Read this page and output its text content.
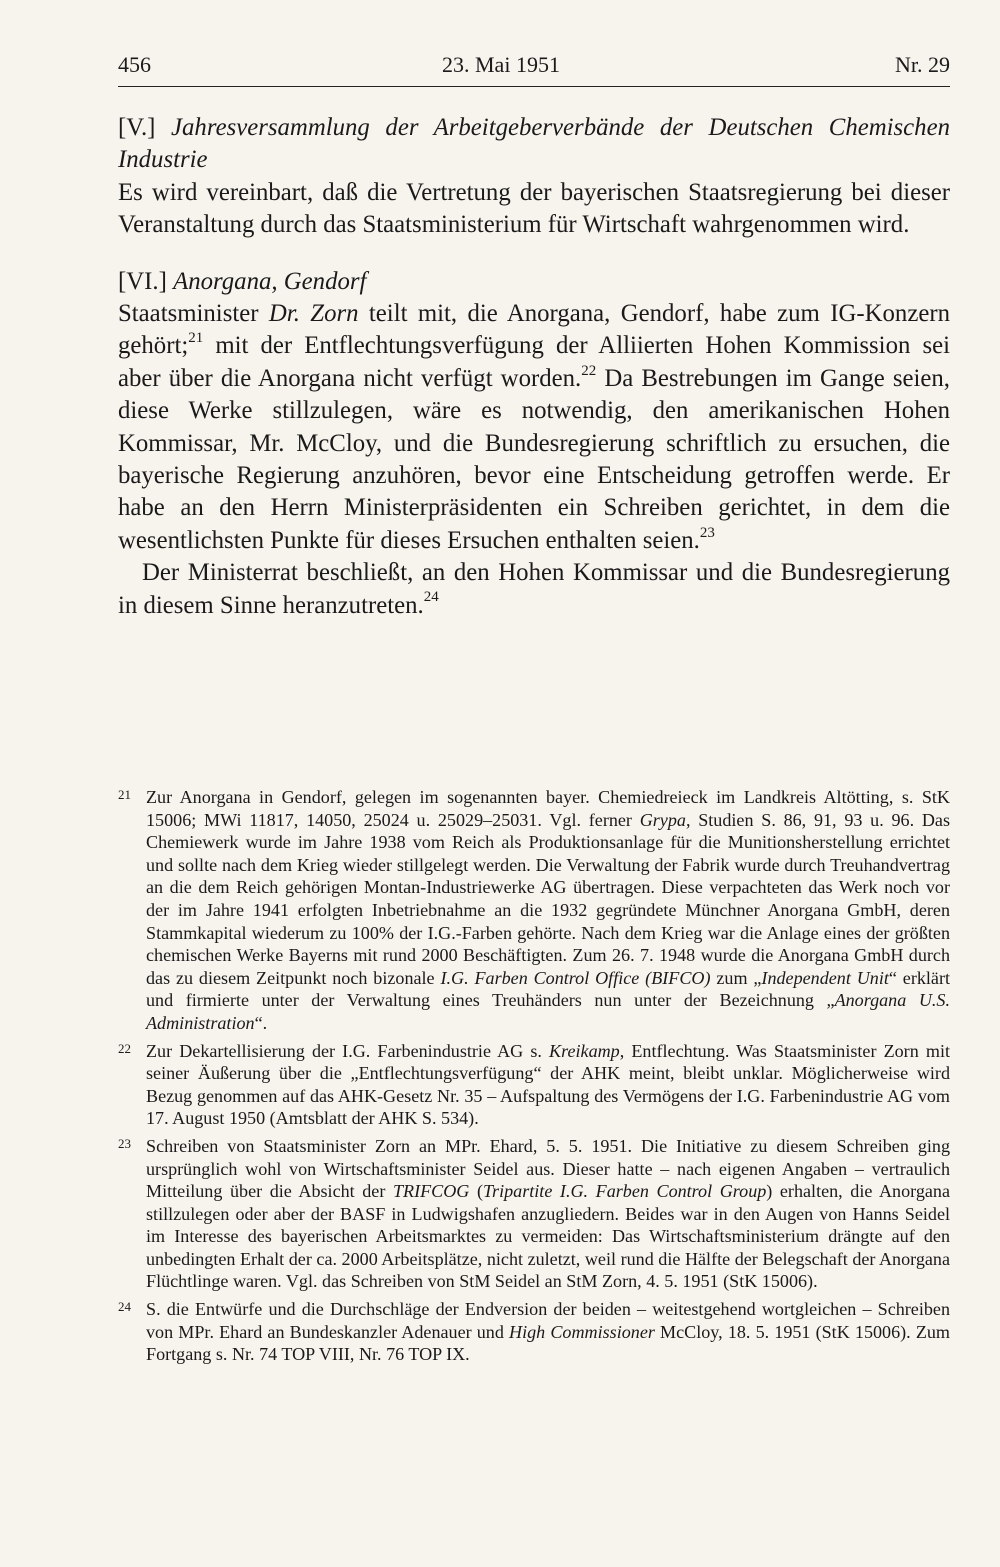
456	23. Mai 1951	Nr. 29

[V.] Jahresversammlung der Arbeitgeberverbände der Deutschen Chemischen Industrie

Es wird vereinbart, daß die Vertretung der bayerischen Staatsregierung bei dieser Veranstaltung durch das Staatsministerium für Wirtschaft wahrgenommen wird.

[VI.] Anorgana, Gendorf

Staatsminister Dr. Zorn teilt mit, die Anorgana, Gendorf, habe zum IG-Konzern gehört;$^{21}$ mit der Entflechtungsverfügung der Alliierten Hohen Kommission sei aber über die Anorgana nicht verfügt worden.$^{22}$ Da Bestrebungen im Gange seien, diese Werke stillzulegen, wäre es notwendig, den amerikanischen Hohen Kommissar, Mr. McCloy, und die Bundesregierung schriftlich zu ersuchen, die bayerische Regierung anzuhören, bevor eine Entscheidung getroffen werde. Er habe an den Herrn Ministerpräsidenten ein Schreiben gerichtet, in dem die wesentlichsten Punkte für dieses Ersuchen enthalten seien.$^{23}$

Der Ministerrat beschließt, an den Hohen Kommissar und die Bundesregierung in diesem Sinne heranzutreten.$^{24}$

21 Zur Anorgana in Gendorf, gelegen im sogenannten bayer. Chemiedreieck im Landkreis Altötting, s. StK 15006; MWi 11817, 14050, 25024 u. 25029–25031. Vgl. ferner Grypa, Studien S. 86, 91, 93 u. 96. Das Chemiewerk wurde im Jahre 1938 vom Reich als Produktionsanlage für die Munitionsherstellung errichtet und sollte nach dem Krieg wieder stillgelegt werden. Die Verwaltung der Fabrik wurde durch Treuhandvertrag an die dem Reich gehörigen Montan-Industriewerke AG übertragen. Diese verpachteten das Werk noch vor der im Jahre 1941 erfolgten Inbetriebnahme an die 1932 gegründete Münchner Anorgana GmbH, deren Stammkapital wiederum zu 100% der I.G.-Farben gehörte. Nach dem Krieg war die Anlage eines der größten chemischen Werke Bayerns mit rund 2000 Beschäftigten. Zum 26. 7. 1948 wurde die Anorgana GmbH durch das zu diesem Zeitpunkt noch bizonale I.G. Farben Control Office (BIFCO) zum „Independent Unit“ erklärt und firmierte unter der Verwaltung eines Treuhänders nun unter der Bezeichnung „Anorgana U.S. Administration“.
22 Zur Dekartellisierung der I.G. Farbenindustrie AG s. Kreikamp, Entflechtung. Was Staatsminister Zorn mit seiner Äußerung über die „Entflechtungsverfügung“ der AHK meint, bleibt unklar. Möglicherweise wird Bezug genommen auf das AHK-Gesetz Nr. 35 – Aufspaltung des Vermögens der I.G. Farbenindustrie AG vom 17. August 1950 (Amtsblatt der AHK S. 534).
23 Schreiben von Staatsminister Zorn an MPr. Ehard, 5. 5. 1951. Die Initiative zu diesem Schreiben ging ursprünglich wohl von Wirtschaftsminister Seidel aus. Dieser hatte – nach eigenen Angaben – vertraulich Mitteilung über die Absicht der TRIFCOG (Tripartite I.G. Farben Control Group) erhalten, die Anorgana stillzulegen oder aber der BASF in Ludwigshafen anzugliedern. Beides war in den Augen von Hanns Seidel im Interesse des bayerischen Arbeitsmarktes zu vermeiden: Das Wirtschaftsministerium drängte auf den unbedingten Erhalt der ca. 2000 Arbeitsplätze, nicht zuletzt, weil rund die Hälfte der Belegschaft der Anorgana Flüchtlinge waren. Vgl. das Schreiben von StM Seidel an StM Zorn, 4. 5. 1951 (StK 15006).
24 S. die Entwürfe und die Durchschläge der Endversion der beiden – weitestgehend wortgleichen – Schreiben von MPr. Ehard an Bundeskanzler Adenauer und High Commissioner McCloy, 18. 5. 1951 (StK 15006). Zum Fortgang s. Nr. 74 TOP VIII, Nr. 76 TOP IX.
